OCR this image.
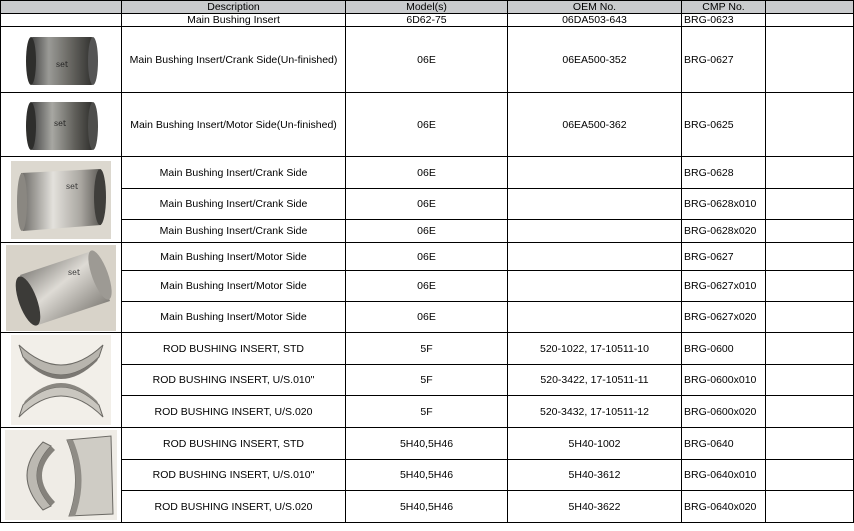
	Description	Model(s)	OEM No.	CMP No.	
	Main Bushing Insert	6D62-75	06DA503-643	BRG-0623	

set	Main Bushing Insert/Crank Side(Un-finished)	06E	06EA500-352	BRG-0627	

set	Main Bushing Insert/Motor Side(Un-finished)	06E	06EA500-362	BRG-0625	

set	Main Bushing Insert/Crank Side	06E		BRG-0628	
	Main Bushing Insert/Crank Side	06E		BRG-0628x010	
	Main Bushing Insert/Crank Side	06E		BRG-0628x020	

set	Main Bushing Insert/Motor Side	06E		BRG-0627	
	Main Bushing Insert/Motor Side	06E		BRG-0627x010	
	Main Bushing Insert/Motor Side	06E		BRG-0627x020	

	ROD BUSHING INSERT, STD	5F	520-1022, 17-10511-10	BRG-0600	
	ROD BUSHING INSERT, U/S.010"	5F	520-3422, 17-10511-11	BRG-0600x010	
	ROD BUSHING INSERT, U/S.020	5F	520-3432, 17-10511-12	BRG-0600x020	

	ROD BUSHING INSERT, STD	5H40,5H46	5H40-1002	BRG-0640	
	ROD BUSHING INSERT, U/S.010"	5H40,5H46	5H40-3612	BRG-0640x010	
	ROD BUSHING INSERT, U/S.020	5H40,5H46	5H40-3622	BRG-0640x020	
